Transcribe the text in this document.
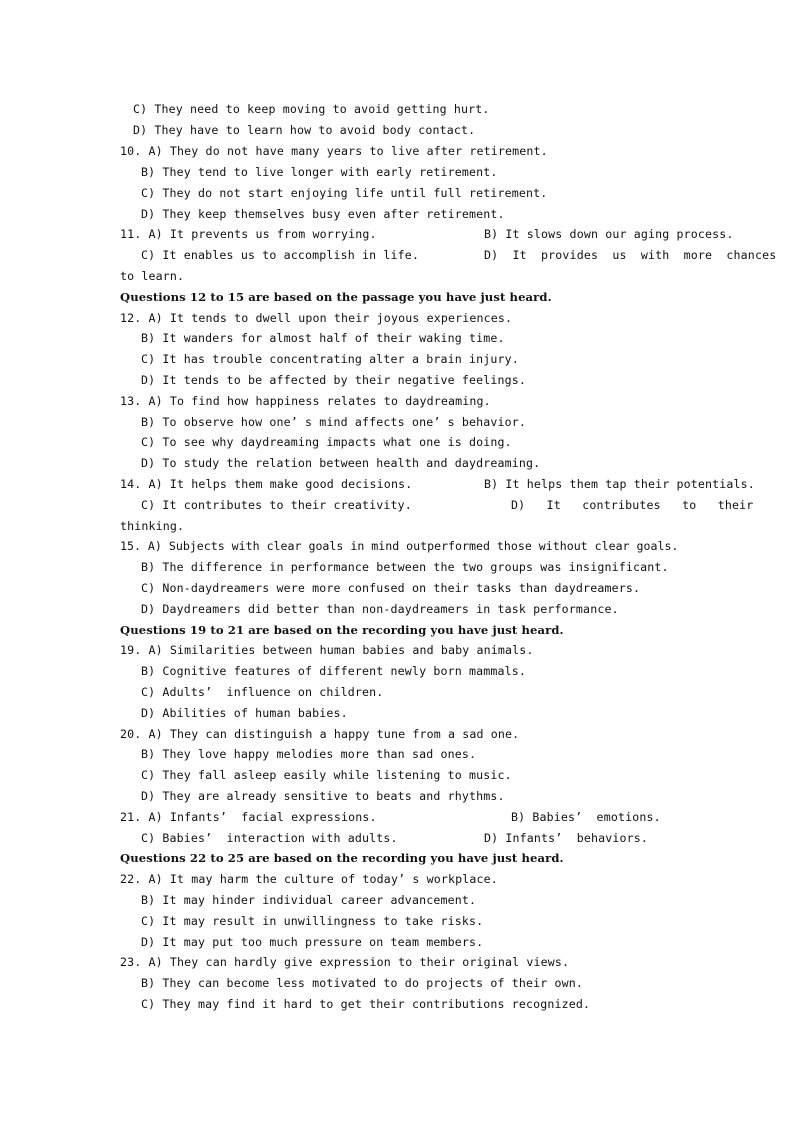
C) They need to keep moving to avoid getting hurt.
D) They have to learn how to avoid body contact.
10. A) They do not have many years to live after retirement.
B) They tend to live longer with early retirement.
C) They do not start enjoying life until full retirement.
D) They keep themselves busy even after retirement.
11. A) It prevents us from worrying.	B) It slows down our aging process.
C) It enables us to accomplish in life.	D)  It  provides  us  with  more  chances
to learn.
Questions 12 to 15 are based on the passage you have just heard.
12. A) It tends to dwell upon their joyous experiences.
B) It wanders for almost half of their waking time.
C) It has trouble concentrating alter a brain injury.
D) It tends to be affected by their negative feelings.
13. A) To find how happiness relates to daydreaming.
B) To observe how one’ s mind affects one’ s behavior.
C) To see why daydreaming impacts what one is doing.
D) To study the relation between health and daydreaming.
14. A) It helps them make good decisions.	B) It helps them tap their potentials.
C) It contributes to their creativity.	D)   It   contributes   to   their
thinking.
15. A) Subjects with clear goals in mind outperformed those without clear goals.
B) The difference in performance between the two groups was insignificant.
C) Non-daydreamers were more confused on their tasks than daydreamers.
D) Daydreamers did better than non-daydreamers in task performance.
Questions 19 to 21 are based on the recording you have just heard.
19. A) Similarities between human babies and baby animals.
B) Cognitive features of different newly born mammals.
C) Adults’  influence on children.
D) Abilities of human babies.
20. A) They can distinguish a happy tune from a sad one.
B) They love happy melodies more than sad ones.
C) They fall asleep easily while listening to music.
D) They are already sensitive to beats and rhythms.
21. A) Infants’  facial expressions.	B) Babies’  emotions.
C) Babies’  interaction with adults.	D) Infants’  behaviors.
Questions 22 to 25 are based on the recording you have just heard.
22. A) It may harm the culture of today’ s workplace.
B) It may hinder individual career advancement.
C) It may result in unwillingness to take risks.
D) It may put too much pressure on team members.
23. A) They can hardly give expression to their original views.
B) They can become less motivated to do projects of their own.
C) They may find it hard to get their contributions recognized.
